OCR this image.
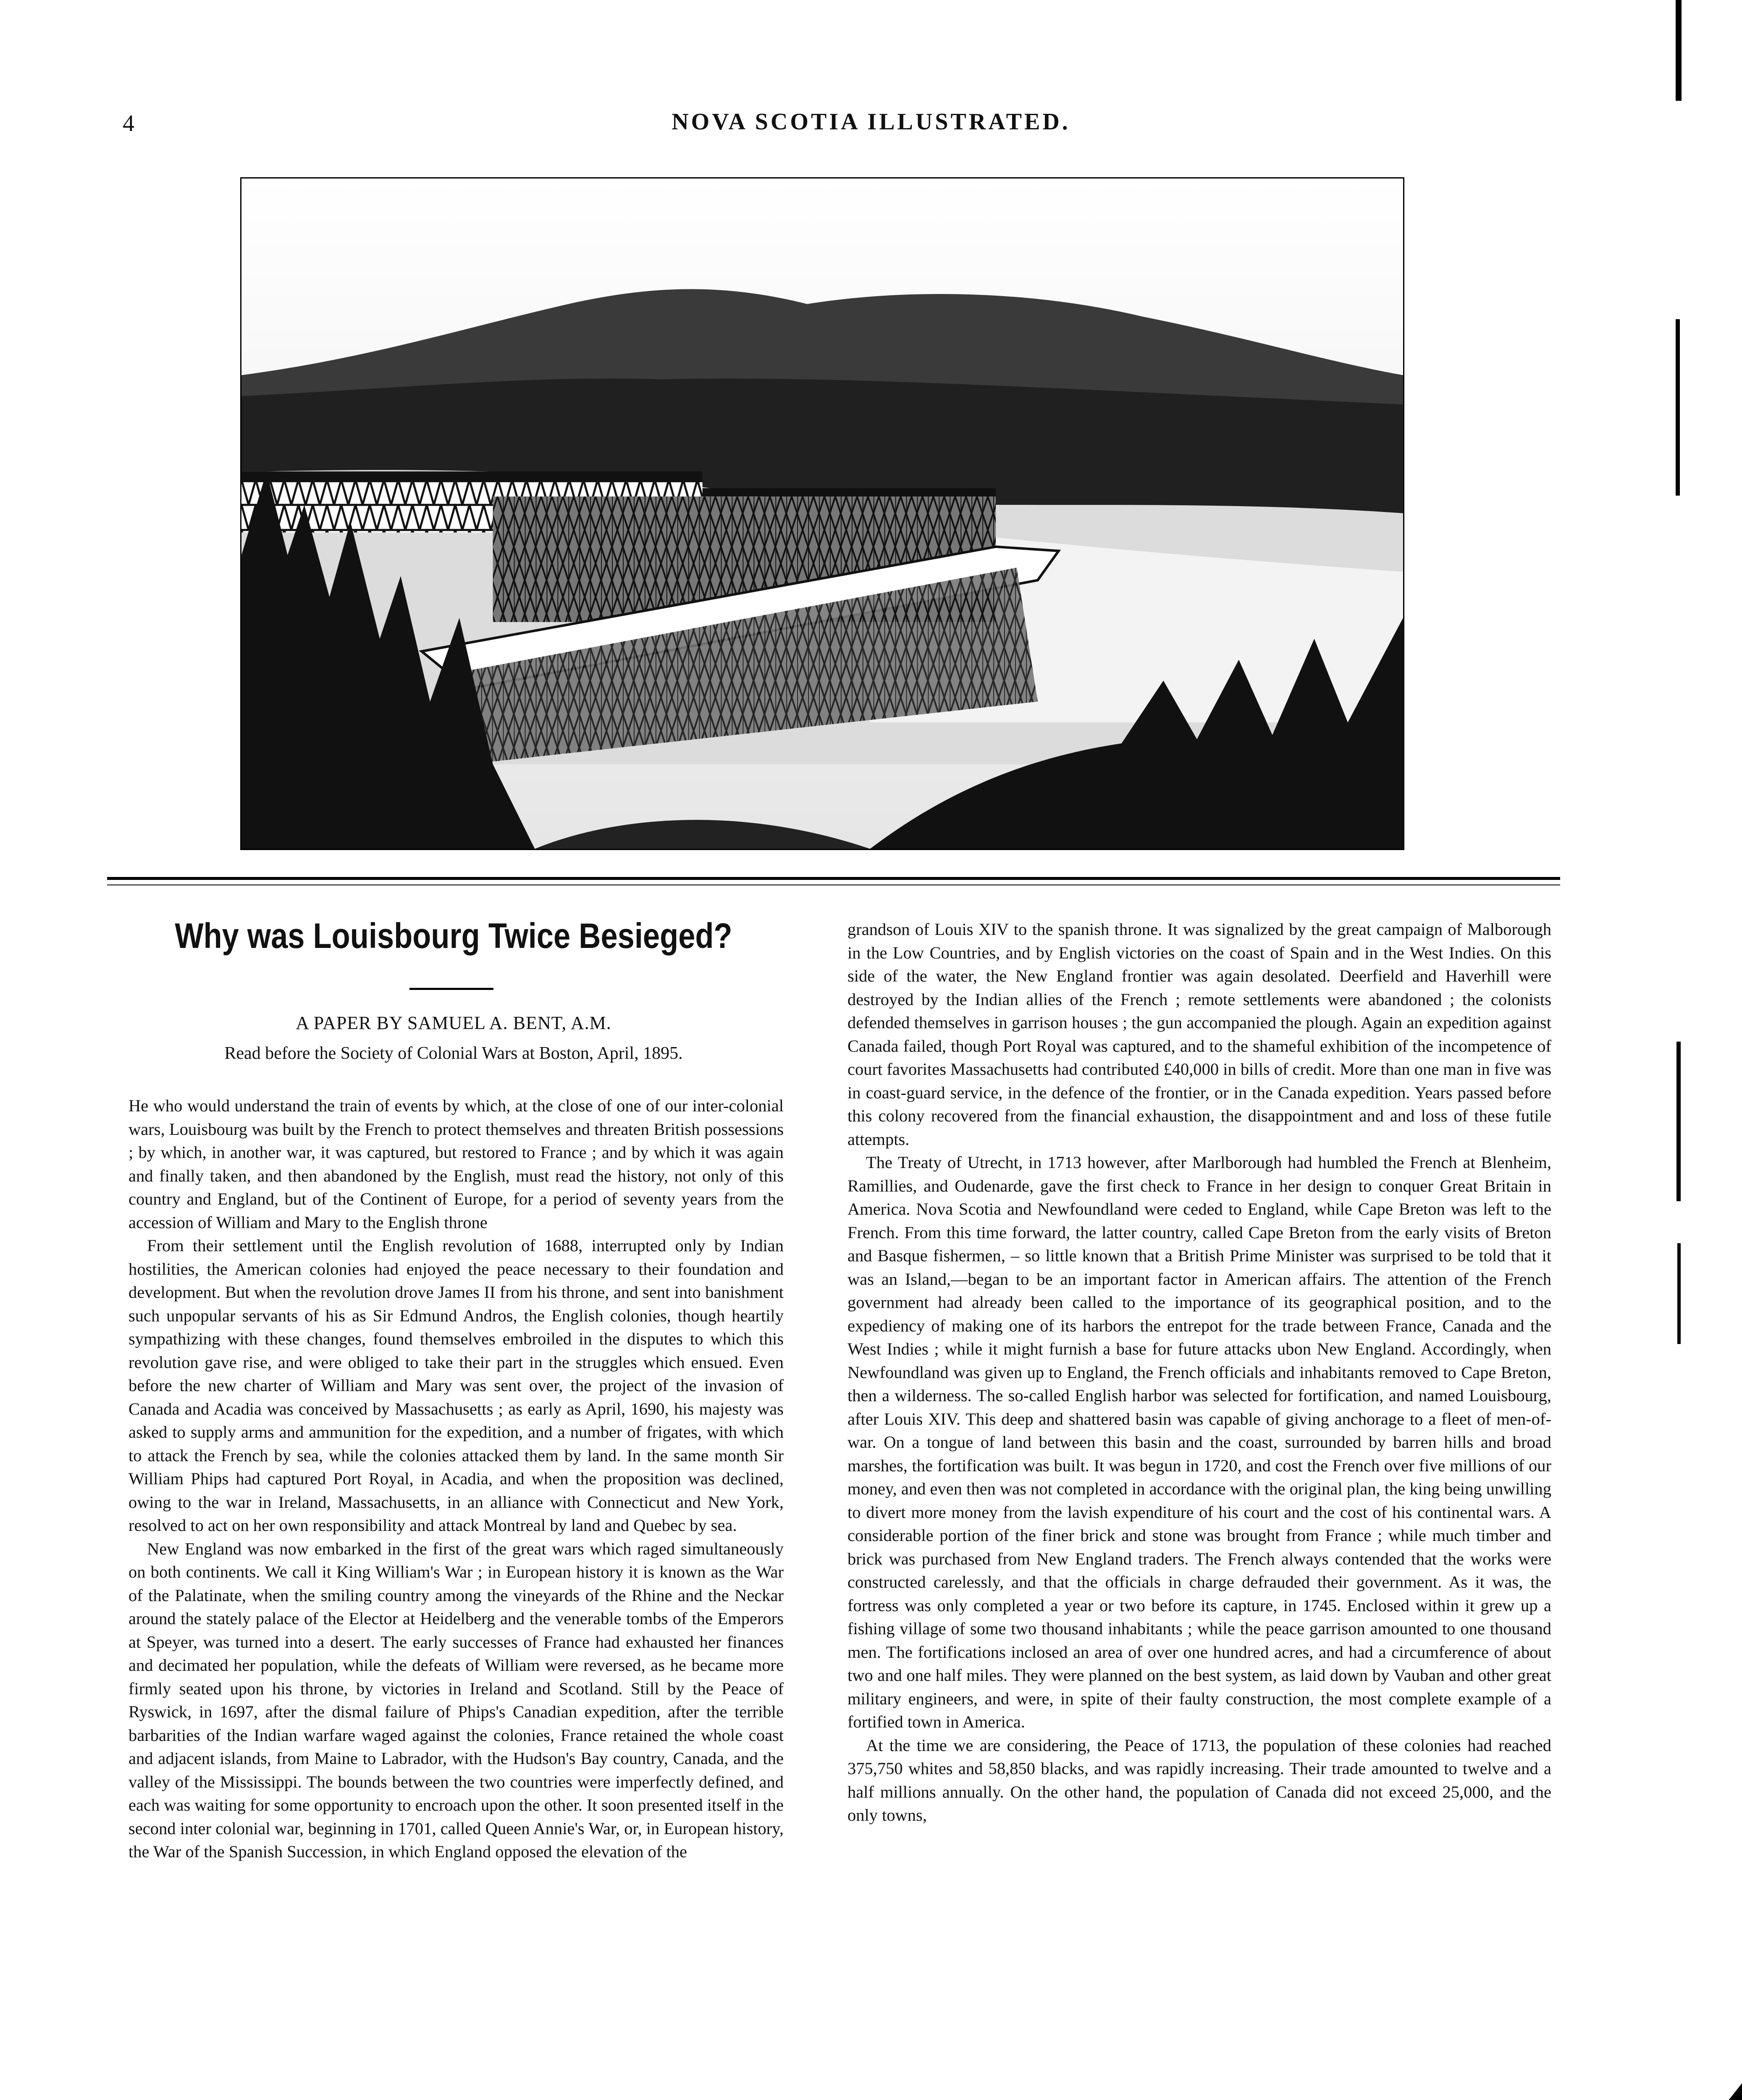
4	NOVA SCOTIA ILLUSTRATED.
Why was Louisbourg Twice Besieged?
A PAPER BY SAMUEL A. BENT, A.M.
Read before the Society of Colonial Wars at Boston, April, 1895.

He who would understand the train of events by which, at the close of one of our inter-colonial wars, Louisbourg was built by the French to protect themselves and threaten British possessions ; by which, in another war, it was captured, but restored to France ; and by which it was again and finally taken, and then abandoned by the English, must read the history, not only of this country and England, but of the Continent of Europe, for a period of seventy years from the accession of William and Mary to the English throne

From their settlement until the English revolution of 1688, interrupted only by Indian hostilities, the American colonies had enjoyed the peace necessary to their foundation and development. But when the revolution drove James II from his throne, and sent into banishment such unpopular servants of his as Sir Edmund Andros, the English colonies, though heartily sympathizing with these changes, found themselves embroiled in the disputes to which this revolution gave rise, and were obliged to take their part in the struggles which ensued. Even before the new charter of William and Mary was sent over, the project of the invasion of Canada and Acadia was conceived by Massachusetts ; as early as April, 1690, his majesty was asked to supply arms and ammunition for the expedition, and a number of frigates, with which to attack the French by sea, while the colonies attacked them by land. In the same month Sir William Phips had captured Port Royal, in Acadia, and when the proposition was declined, owing to the war in Ireland, Massachusetts, in an alliance with Connecticut and New York, resolved to act on her own responsibility and attack Montreal by land and Quebec by sea.

New England was now embarked in the first of the great wars which raged simultaneously on both continents. We call it King William's War ; in European history it is known as the War of the Palatinate, when the smiling country among the vineyards of the Rhine and the Neckar around the stately palace of the Elector at Heidelberg and the venerable tombs of the Emperors at Speyer, was turned into a desert. The early successes of France had exhausted her finances and decimated her population, while the defeats of William were reversed, as he became more firmly seated upon his throne, by victories in Ireland and Scotland. Still by the Peace of Ryswick, in 1697, after the dismal failure of Phips's Canadian expedition, after the terrible barbarities of the Indian warfare waged against the colonies, France retained the whole coast and adjacent islands, from Maine to Labrador, with the Hudson's Bay country, Canada, and the valley of the Mississippi. The bounds between the two countries were imperfectly defined, and each was waiting for some opportunity to encroach upon the other. It soon presented itself in the second inter colonial war, beginning in 1701, called Queen Annie's War, or, in European history, the War of the Spanish Succession, in which England opposed the elevation of the

grandson of Louis XIV to the spanish throne. It was signalized by the great campaign of Malborough in the Low Countries, and by English victories on the coast of Spain and in the West Indies. On this side of the water, the New England frontier was again desolated. Deerfield and Haverhill were destroyed by the Indian allies of the French ; remote settlements were abandoned ; the colonists defended themselves in garrison houses ; the gun accompanied the plough. Again an expedition against Canada failed, though Port Royal was captured, and to the shameful exhibition of the incompetence of court favorites Massachusetts had contributed £40,000 in bills of credit. More than one man in five was in coast-guard service, in the defence of the frontier, or in the Canada expedition. Years passed before this colony recovered from the financial exhaustion, the disappointment and and loss of these futile attempts.

The Treaty of Utrecht, in 1713 however, after Marlborough had humbled the French at Blenheim, Ramillies, and Oudenarde, gave the first check to France in her design to conquer Great Britain in America. Nova Scotia and Newfoundland were ceded to England, while Cape Breton was left to the French. From this time forward, the latter country, called Cape Breton from the early visits of Breton and Basque fishermen, – so little known that a British Prime Minister was surprised to be told that it was an Island,—began to be an important factor in American affairs. The attention of the French government had already been called to the importance of its geographical position, and to the expediency of making one of its harbors the entrepot for the trade between France, Canada and the West Indies ; while it might furnish a base for future attacks ubon New England. Accordingly, when Newfoundland was given up to England, the French officials and inhabitants removed to Cape Breton, then a wilderness. The so-called English harbor was selected for fortification, and named Louisbourg, after Louis XIV. This deep and shattered basin was capable of giving anchorage to a fleet of men-of-war. On a tongue of land between this basin and the coast, surrounded by barren hills and broad marshes, the fortification was built. It was begun in 1720, and cost the French over five millions of our money, and even then was not completed in accordance with the original plan, the king being unwilling to divert more money from the lavish expenditure of his court and the cost of his continental wars. A considerable portion of the finer brick and stone was brought from France ; while much timber and brick was purchased from New England traders. The French always contended that the works were constructed carelessly, and that the officials in charge defrauded their government. As it was, the fortress was only completed a year or two before its capture, in 1745. Enclosed within it grew up a fishing village of some two thousand inhabitants ; while the peace garrison amounted to one thousand men. The fortifications inclosed an area of over one hundred acres, and had a circumference of about two and one half miles. They were planned on the best system, as laid down by Vauban and other great military engineers, and were, in spite of their faulty construction, the most complete example of a fortified town in America.

At the time we are considering, the Peace of 1713, the population of these colonies had reached 375,750 whites and 58,850 blacks, and was rapidly increasing. Their trade amounted to twelve and a half millions annually. On the other hand, the population of Canada did not exceed 25,000, and the only towns,
